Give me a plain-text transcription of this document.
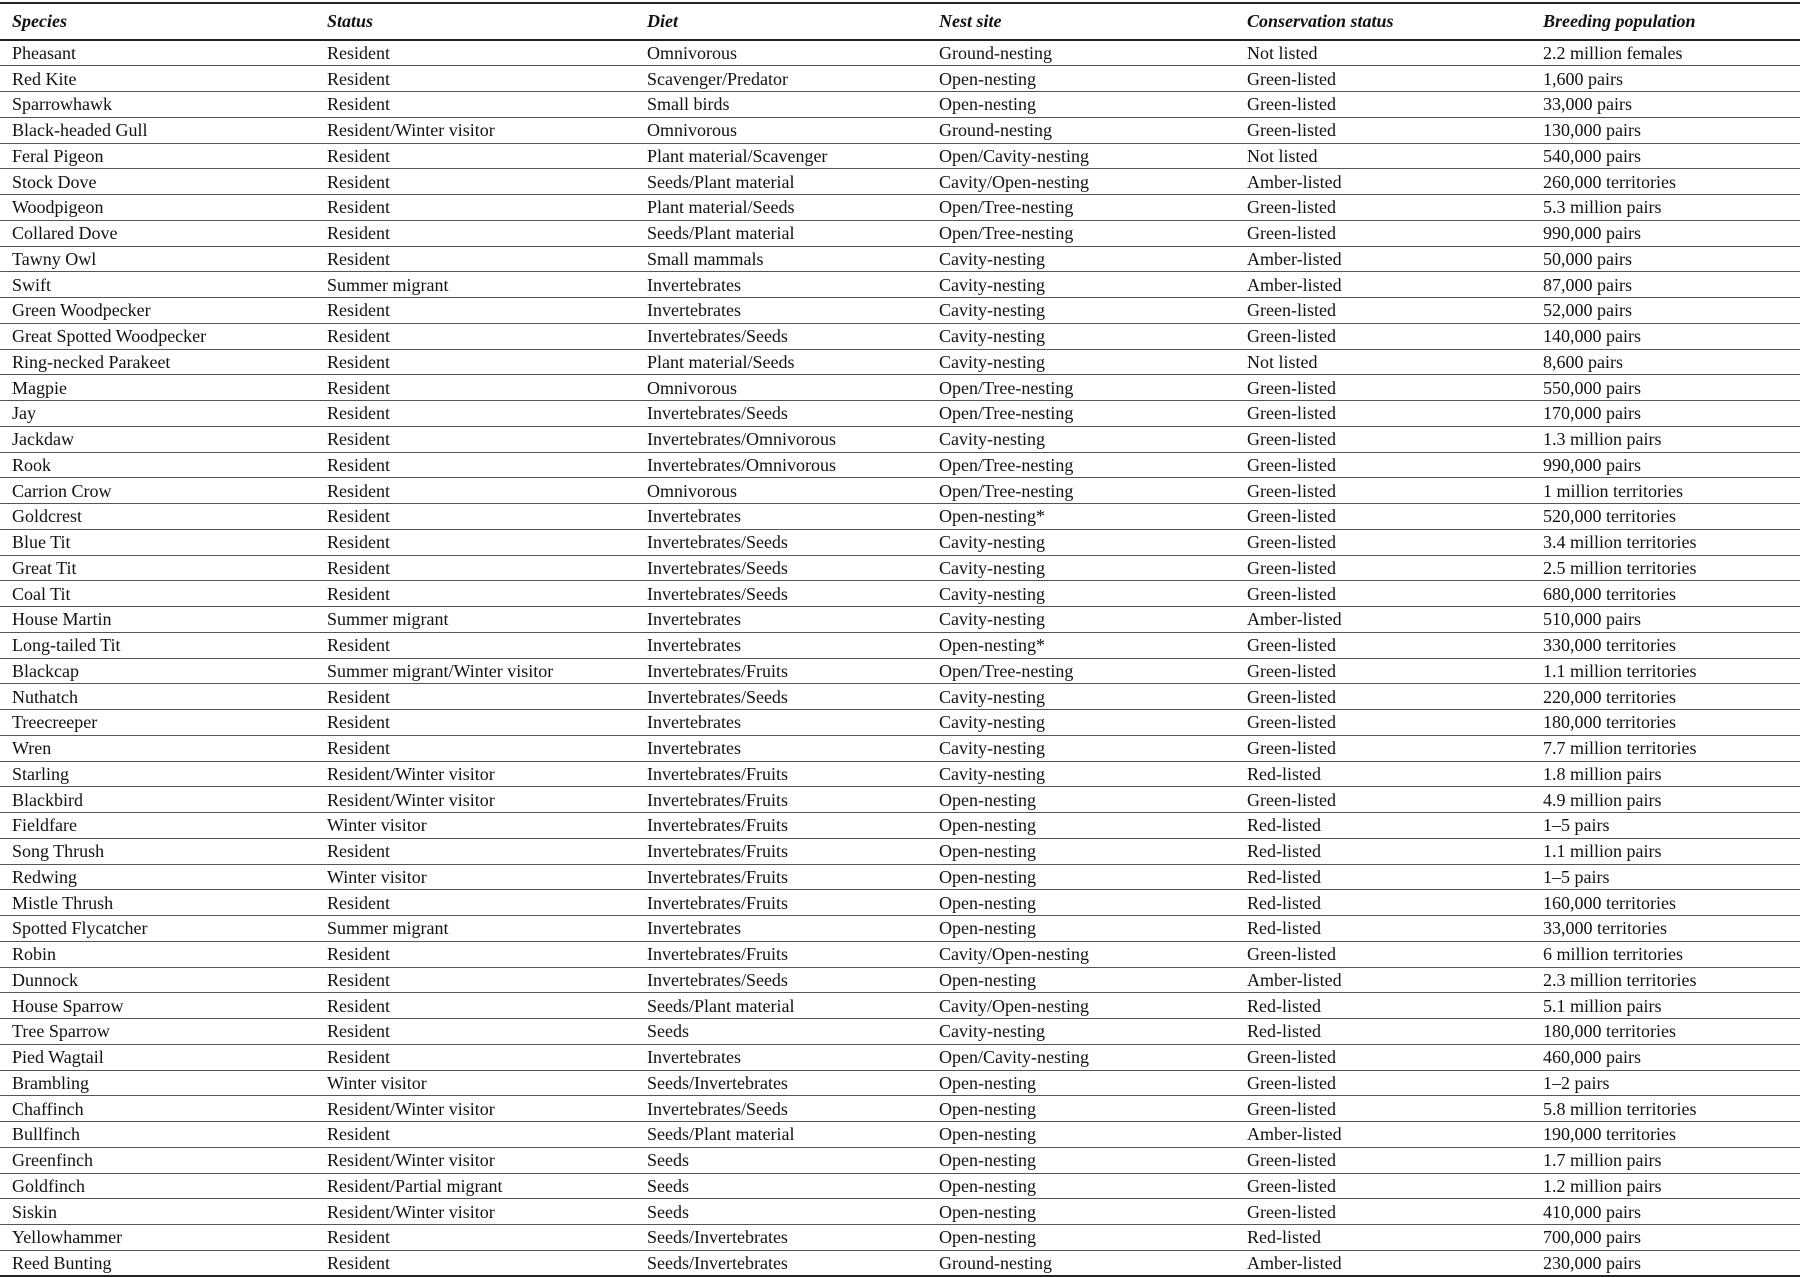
Species	Status	Diet	Nest site	Conservation status	Breeding population
Pheasant	Resident	Omnivorous	Ground-nesting	Not listed	2.2 million females
Red Kite	Resident	Scavenger/Predator	Open-nesting	Green-listed	1,600 pairs
Sparrowhawk	Resident	Small birds	Open-nesting	Green-listed	33,000 pairs
Black-headed Gull	Resident/Winter visitor	Omnivorous	Ground-nesting	Green-listed	130,000 pairs
Feral Pigeon	Resident	Plant material/Scavenger	Open/Cavity-nesting	Not listed	540,000 pairs
Stock Dove	Resident	Seeds/Plant material	Cavity/Open-nesting	Amber-listed	260,000 territories
Woodpigeon	Resident	Plant material/Seeds	Open/Tree-nesting	Green-listed	5.3 million pairs
Collared Dove	Resident	Seeds/Plant material	Open/Tree-nesting	Green-listed	990,000 pairs
Tawny Owl	Resident	Small mammals	Cavity-nesting	Amber-listed	50,000 pairs
Swift	Summer migrant	Invertebrates	Cavity-nesting	Amber-listed	87,000 pairs
Green Woodpecker	Resident	Invertebrates	Cavity-nesting	Green-listed	52,000 pairs
Great Spotted Woodpecker	Resident	Invertebrates/Seeds	Cavity-nesting	Green-listed	140,000 pairs
Ring-necked Parakeet	Resident	Plant material/Seeds	Cavity-nesting	Not listed	8,600 pairs
Magpie	Resident	Omnivorous	Open/Tree-nesting	Green-listed	550,000 pairs
Jay	Resident	Invertebrates/Seeds	Open/Tree-nesting	Green-listed	170,000 pairs
Jackdaw	Resident	Invertebrates/Omnivorous	Cavity-nesting	Green-listed	1.3 million pairs
Rook	Resident	Invertebrates/Omnivorous	Open/Tree-nesting	Green-listed	990,000 pairs
Carrion Crow	Resident	Omnivorous	Open/Tree-nesting	Green-listed	1 million territories
Goldcrest	Resident	Invertebrates	Open-nesting*	Green-listed	520,000 territories
Blue Tit	Resident	Invertebrates/Seeds	Cavity-nesting	Green-listed	3.4 million territories
Great Tit	Resident	Invertebrates/Seeds	Cavity-nesting	Green-listed	2.5 million territories
Coal Tit	Resident	Invertebrates/Seeds	Cavity-nesting	Green-listed	680,000 territories
House Martin	Summer migrant	Invertebrates	Cavity-nesting	Amber-listed	510,000 pairs
Long-tailed Tit	Resident	Invertebrates	Open-nesting*	Green-listed	330,000 territories
Blackcap	Summer migrant/Winter visitor	Invertebrates/Fruits	Open/Tree-nesting	Green-listed	1.1 million territories
Nuthatch	Resident	Invertebrates/Seeds	Cavity-nesting	Green-listed	220,000 territories
Treecreeper	Resident	Invertebrates	Cavity-nesting	Green-listed	180,000 territories
Wren	Resident	Invertebrates	Cavity-nesting	Green-listed	7.7 million territories
Starling	Resident/Winter visitor	Invertebrates/Fruits	Cavity-nesting	Red-listed	1.8 million pairs
Blackbird	Resident/Winter visitor	Invertebrates/Fruits	Open-nesting	Green-listed	4.9 million pairs
Fieldfare	Winter visitor	Invertebrates/Fruits	Open-nesting	Red-listed	1–5 pairs
Song Thrush	Resident	Invertebrates/Fruits	Open-nesting	Red-listed	1.1 million pairs
Redwing	Winter visitor	Invertebrates/Fruits	Open-nesting	Red-listed	1–5 pairs
Mistle Thrush	Resident	Invertebrates/Fruits	Open-nesting	Red-listed	160,000 territories
Spotted Flycatcher	Summer migrant	Invertebrates	Open-nesting	Red-listed	33,000 territories
Robin	Resident	Invertebrates/Fruits	Cavity/Open-nesting	Green-listed	6 million territories
Dunnock	Resident	Invertebrates/Seeds	Open-nesting	Amber-listed	2.3 million territories
House Sparrow	Resident	Seeds/Plant material	Cavity/Open-nesting	Red-listed	5.1 million pairs
Tree Sparrow	Resident	Seeds	Cavity-nesting	Red-listed	180,000 territories
Pied Wagtail	Resident	Invertebrates	Open/Cavity-nesting	Green-listed	460,000 pairs
Brambling	Winter visitor	Seeds/Invertebrates	Open-nesting	Green-listed	1–2 pairs
Chaffinch	Resident/Winter visitor	Invertebrates/Seeds	Open-nesting	Green-listed	5.8 million territories
Bullfinch	Resident	Seeds/Plant material	Open-nesting	Amber-listed	190,000 territories
Greenfinch	Resident/Winter visitor	Seeds	Open-nesting	Green-listed	1.7 million pairs
Goldfinch	Resident/Partial migrant	Seeds	Open-nesting	Green-listed	1.2 million pairs
Siskin	Resident/Winter visitor	Seeds	Open-nesting	Green-listed	410,000 pairs
Yellowhammer	Resident	Seeds/Invertebrates	Open-nesting	Red-listed	700,000 pairs
Reed Bunting	Resident	Seeds/Invertebrates	Ground-nesting	Amber-listed	230,000 pairs
